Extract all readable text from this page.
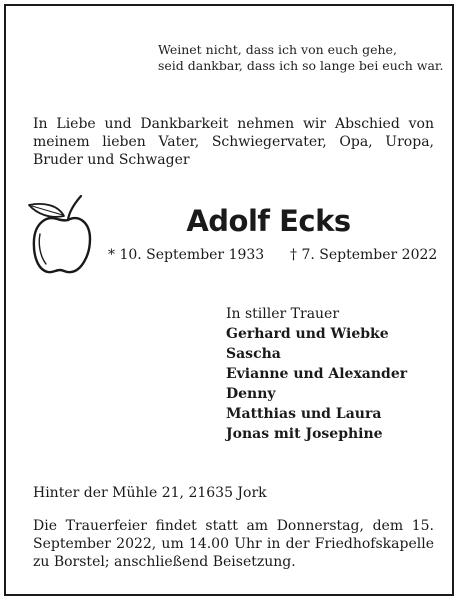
Weinet nicht, dass ich von euch gehe,
seid dankbar, dass ich so lange bei euch war.
In Liebe und Dankbarkeit nehmen wir Abschied von meinem lieben Vater, Schwiegervater, Opa, Uropa, Bruder und Schwager
Adolf Ecks
* 10. September 1933 † 7. September 2022
In stiller Trauer
Gerhard und Wiebke
Sascha
Evianne und Alexander
Denny
Matthias und Laura
Jonas mit Josephine
Hinter der Mühle 21, 21635 Jork
Die Trauerfeier findet statt am Donnerstag, dem 15. September 2022, um 14.00 Uhr in der Friedhofskapelle zu Borstel; anschließend Beisetzung.
